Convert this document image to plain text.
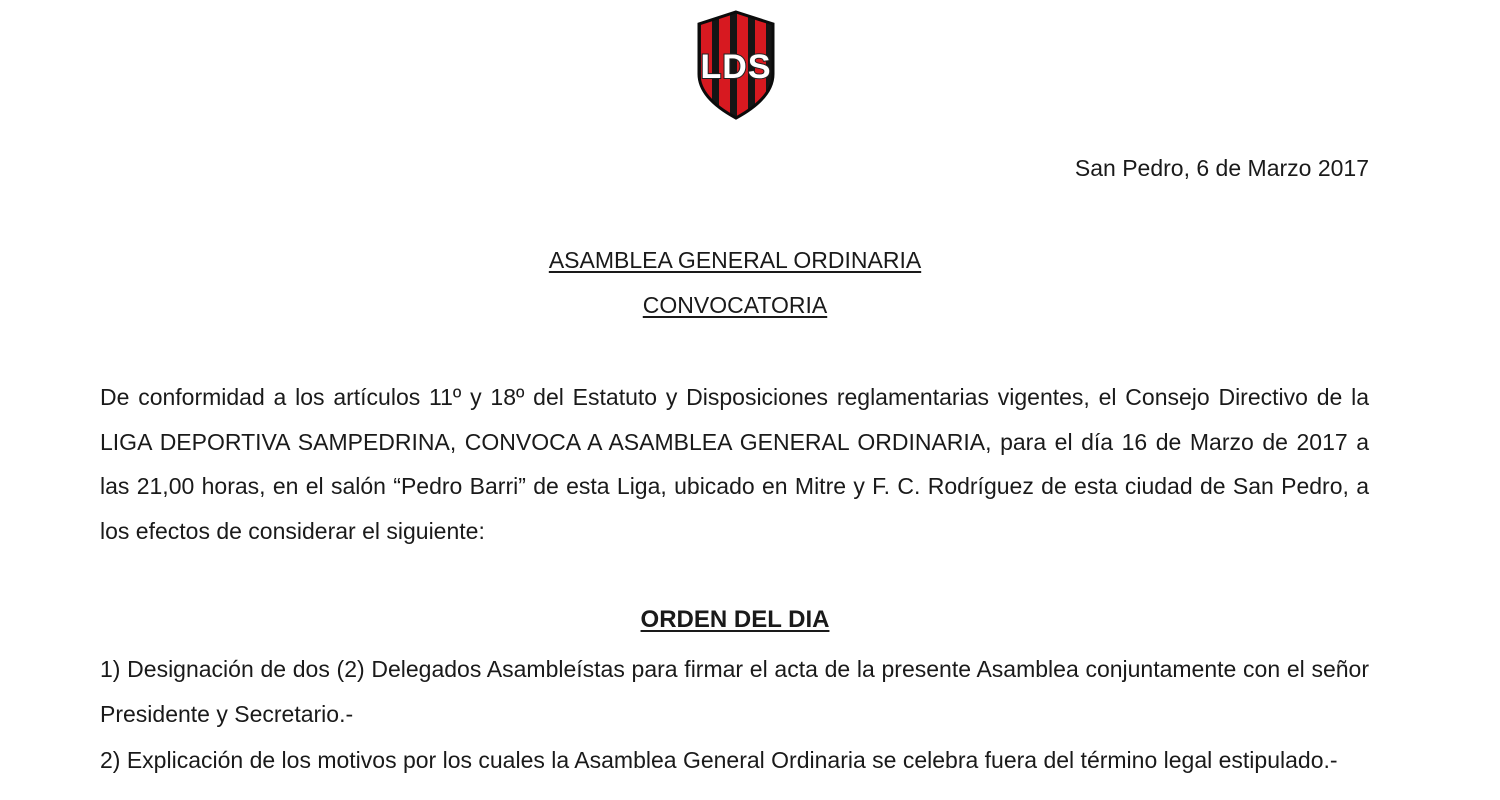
LDS
San Pedro, 6 de Marzo 2017
ASAMBLEA GENERAL ORDINARIA
CONVOCATORIA

De conformidad a los artículos 11º y 18º del Estatuto y Disposiciones reglamentarias vigentes, el Consejo Directivo de la LIGA DEPORTIVA SAMPEDRINA, CONVOCA A ASAMBLEA GENERAL ORDINARIA, para el día 16 de Marzo de 2017 a las 21,00 horas, en el salón “Pedro Barri” de esta Liga, ubicado en Mitre y F. C. Rodríguez de esta ciudad de San Pedro, a los efectos de considerar el siguiente:

ORDEN DEL DIA

1) Designación de dos (2) Delegados Asambleístas para firmar el acta de la presente Asamblea conjuntamente con el señor Presidente y Secretario.-

2) Explicación de los motivos por los cuales la Asamblea General Ordinaria se celebra fuera del término legal estipulado.-
